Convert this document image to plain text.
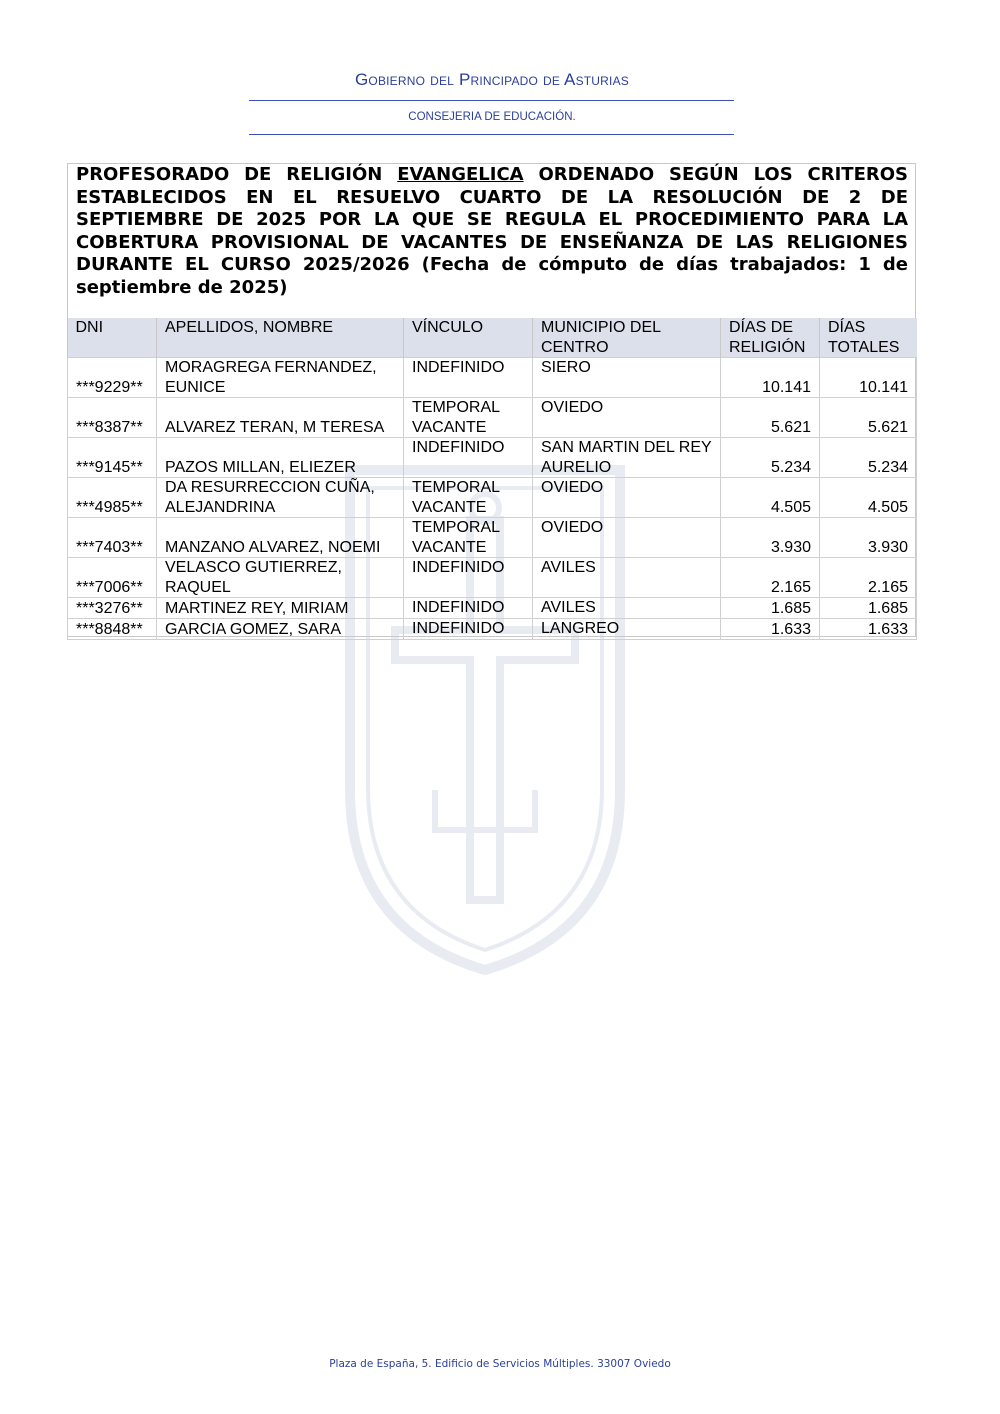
Gobierno del Principado de Asturias
CONSEJERIA DE EDUCACIÓN.
PROFESORADO DE RELIGIÓN EVANGELICA ORDENADO SEGÚN LOS CRITEROS ESTABLECIDOS EN EL RESUELVO CUARTO DE LA RESOLUCIÓN DE 2 DE SEPTIEMBRE DE 2025 POR LA QUE SE REGULA EL PROCEDIMIENTO PARA LA COBERTURA PROVISIONAL DE VACANTES DE ENSEÑANZA DE LAS RELIGIONES DURANTE EL CURSO 2025/2026 (Fecha de cómputo de días trabajados: 1 de septiembre de 2025)
DNI	APELLIDOS, NOMBRE	VÍNCULO	MUNICIPIO DEL CENTRO	DÍAS DE RELIGIÓN	DÍAS TOTALES
***9229**	MORAGREGA FERNANDEZ, EUNICE	INDEFINIDO	SIERO	10.141	10.141
***8387**	ALVAREZ TERAN, M TERESA	TEMPORAL VACANTE	OVIEDO	5.621	5.621
***9145**	PAZOS MILLAN, ELIEZER	INDEFINIDO	SAN MARTIN DEL REY AURELIO	5.234	5.234
***4985**	DA RESURRECCION CUÑA, ALEJANDRINA	TEMPORAL VACANTE	OVIEDO	4.505	4.505
***7403**	MANZANO ALVAREZ, NOEMI	TEMPORAL VACANTE	OVIEDO	3.930	3.930
***7006**	VELASCO GUTIERREZ, RAQUEL	INDEFINIDO	AVILES	2.165	2.165
***3276**	MARTINEZ REY, MIRIAM	INDEFINIDO	AVILES	1.685	1.685
***8848**	GARCIA GOMEZ, SARA	INDEFINIDO	LANGREO	1.633	1.633
Plaza de España, 5. Edificio de Servicios Múltiples. 33007 Oviedo
